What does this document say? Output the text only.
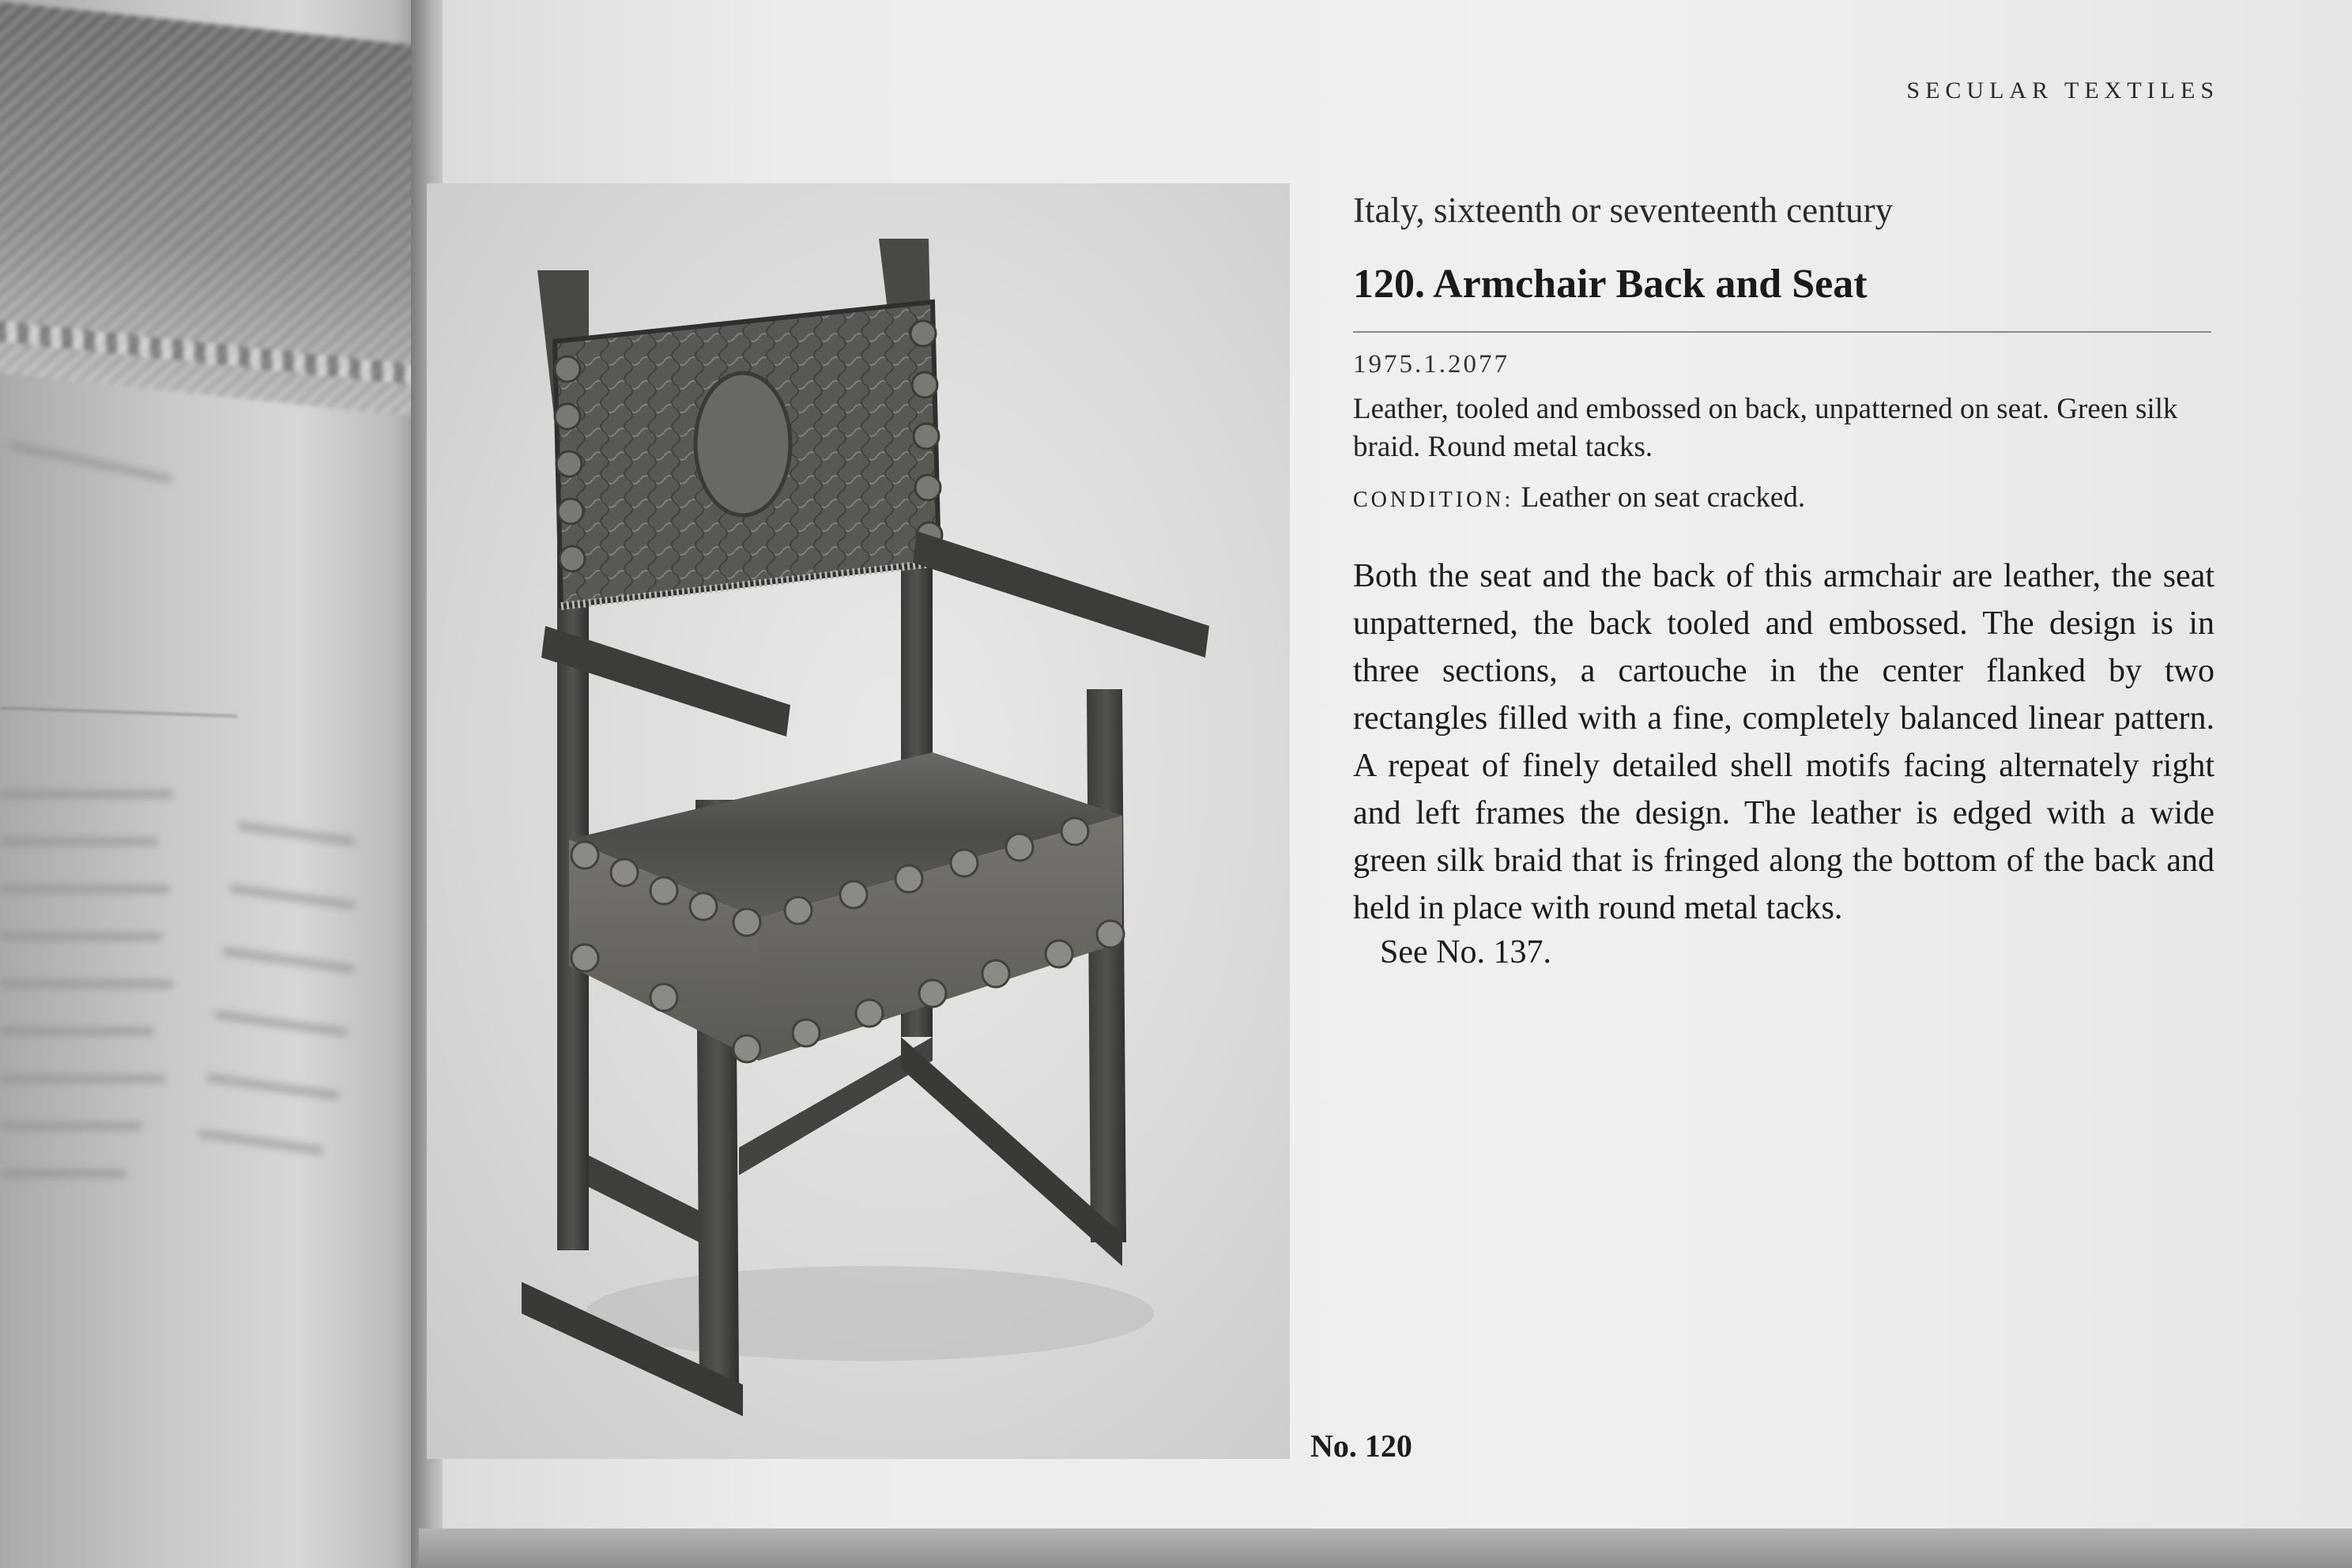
SECULAR TEXTILES
No. 120

Italy, sixteenth or seventeenth century

120. Armchair Back and Seat

1975.1.2077

Leather, tooled and embossed on back, unpatterned on seat. Green silk braid. Round metal tacks.

CONDITION: Leather on seat cracked.

Both the seat and the back of this armchair are leather, the seat unpatterned, the back tooled and embossed. The design is in three sections, a cartouche in the center flanked by two rectangles filled with a fine, completely balanced linear pattern. A repeat of finely detailed shell motifs facing alternately right and left frames the design. The leather is edged with a wide green silk braid that is fringed along the bottom of the back and held in place with round metal tacks.

See No. 137.
